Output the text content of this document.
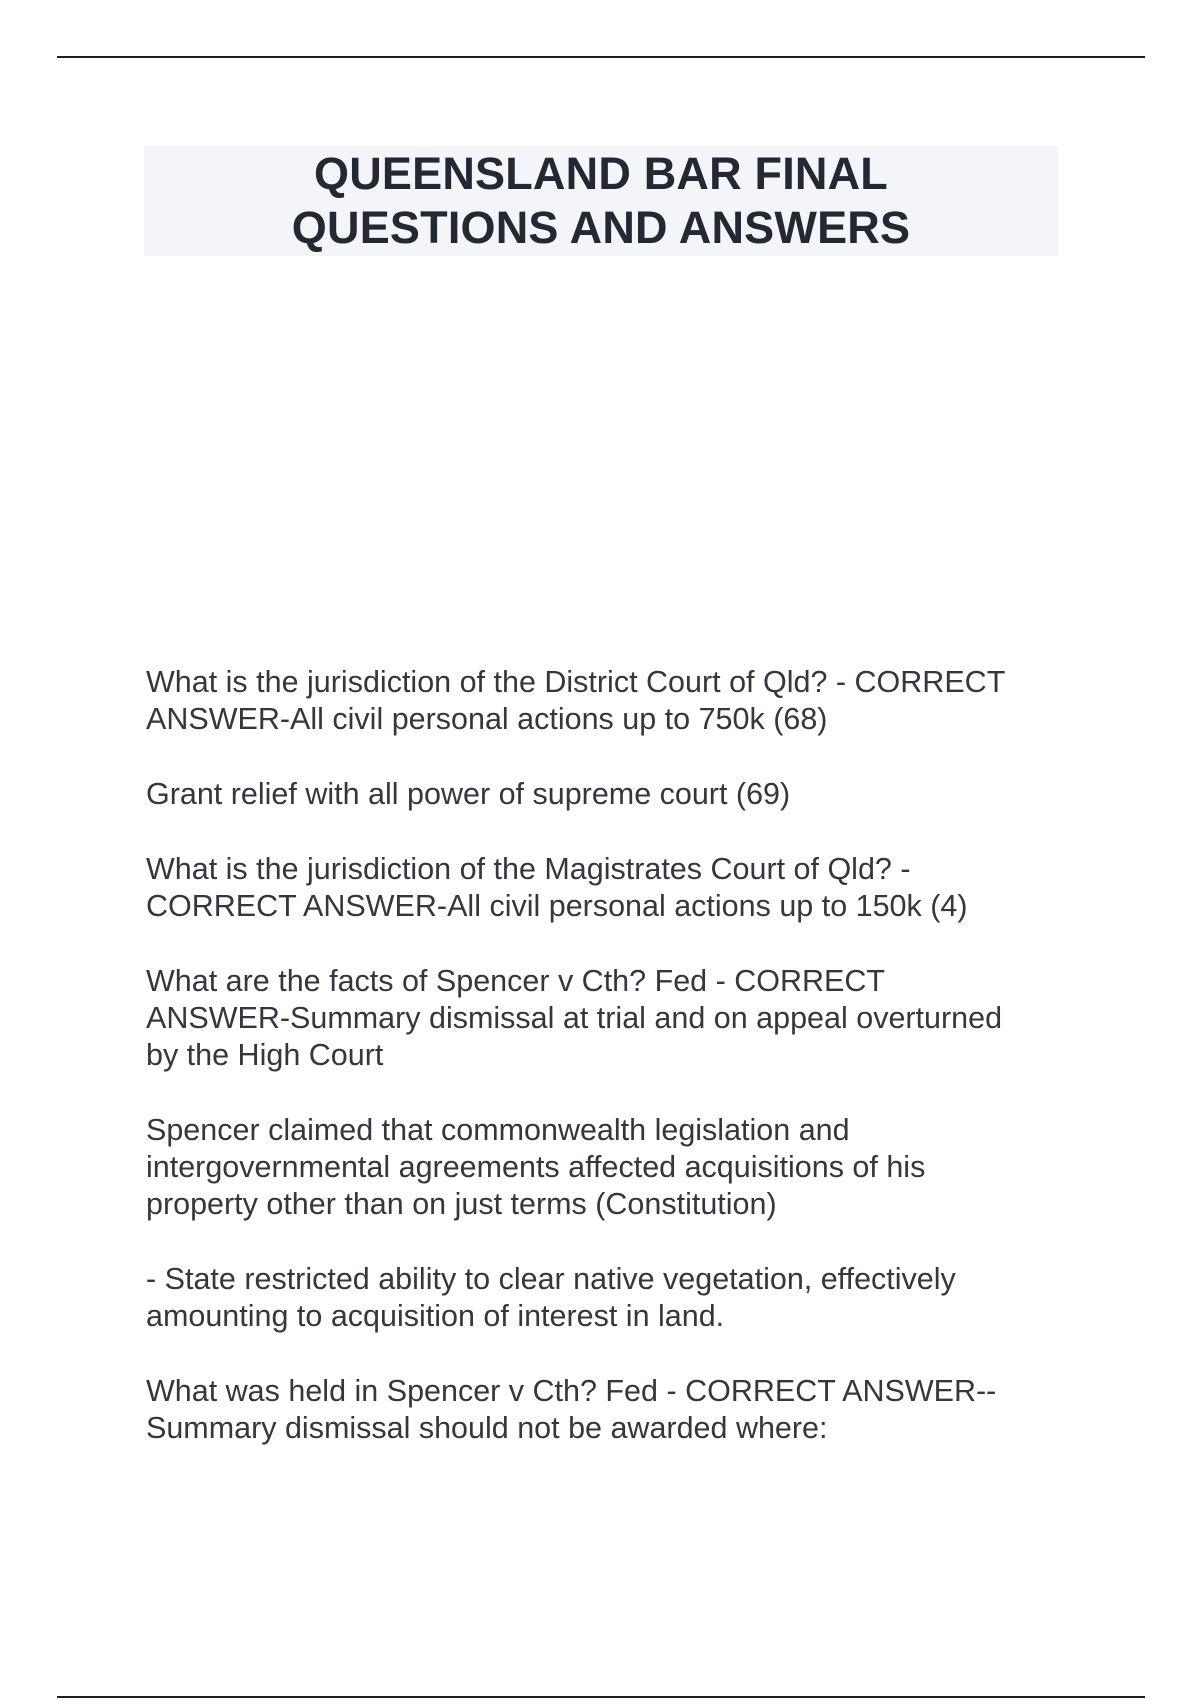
QUEENSLAND BAR FINAL
QUESTIONS AND ANSWERS

What is the jurisdiction of the District Court of Qld? - CORRECT
ANSWER-All civil personal actions up to 750k (68)

Grant relief with all power of supreme court (69)

What is the jurisdiction of the Magistrates Court of Qld? -
CORRECT ANSWER-All civil personal actions up to 150k (4)

What are the facts of Spencer v Cth? Fed - CORRECT
ANSWER-Summary dismissal at trial and on appeal overturned
by the High Court

Spencer claimed that commonwealth legislation and
intergovernmental agreements affected acquisitions of his
property other than on just terms (Constitution)

- State restricted ability to clear native vegetation, effectively
amounting to acquisition of interest in land.

What was held in Spencer v Cth? Fed - CORRECT ANSWER--
Summary dismissal should not be awarded where:
